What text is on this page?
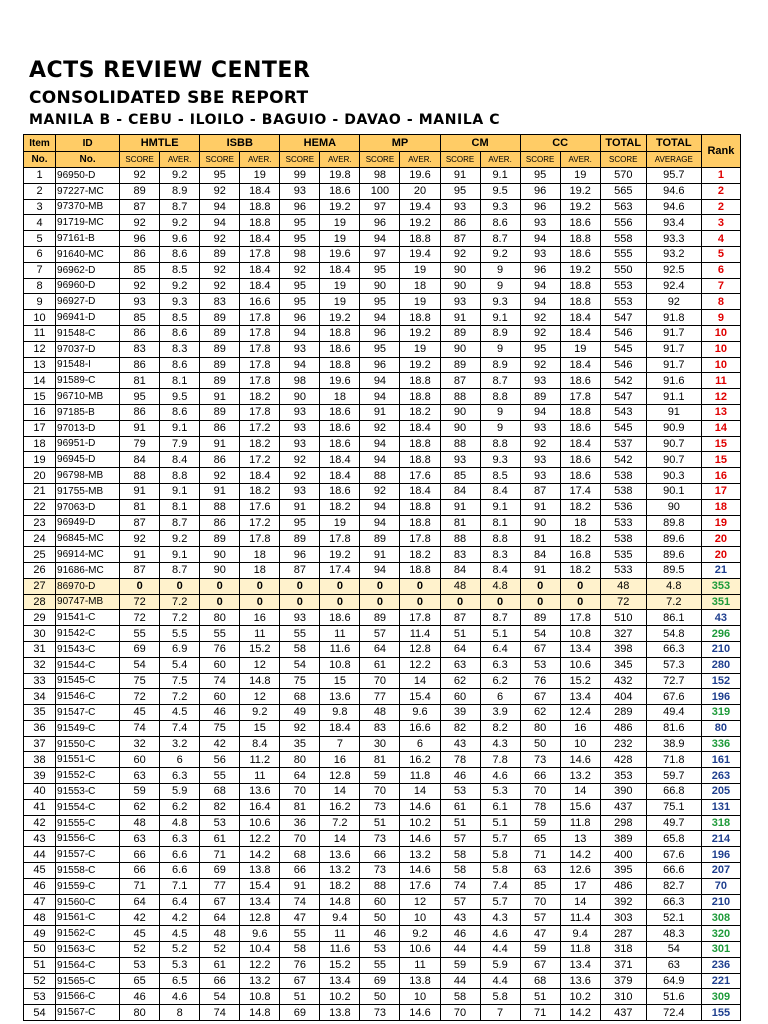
ACTS REVIEW CENTER
CONSOLIDATED SBE REPORT
MANILA B - CEBU - ILOILO - BAGUIO - DAVAO - MANILA C
Item	ID	HMTLE		ISBB		HEMA		MP		CM		CC		TOTAL	TOTAL	Rank
No.	No.	SCORE	AVER.	SCORE	AVER.	SCORE	AVER.	SCORE	AVER.	SCORE	AVER.	SCORE	AVER.	SCORE	AVERAGE	
1	96950-D	92	9.2	95	19	99	19.8	98	19.6	91	9.1	95	19	570	95.7	1
2	97227-MC	89	8.9	92	18.4	93	18.6	100	20	95	9.5	96	19.2	565	94.6	2
3	97370-MB	87	8.7	94	18.8	96	19.2	97	19.4	93	9.3	96	19.2	563	94.6	2
4	91719-MC	92	9.2	94	18.8	95	19	96	19.2	86	8.6	93	18.6	556	93.4	3
5	97161-B	96	9.6	92	18.4	95	19	94	18.8	87	8.7	94	18.8	558	93.3	4
6	91640-MC	86	8.6	89	17.8	98	19.6	97	19.4	92	9.2	93	18.6	555	93.2	5
7	96962-D	85	8.5	92	18.4	92	18.4	95	19	90	9	96	19.2	550	92.5	6
8	96960-D	92	9.2	92	18.4	95	19	90	18	90	9	94	18.8	553	92.4	7
9	96927-D	93	9.3	83	16.6	95	19	95	19	93	9.3	94	18.8	553	92	8
10	96941-D	85	8.5	89	17.8	96	19.2	94	18.8	91	9.1	92	18.4	547	91.8	9
11	91548-C	86	8.6	89	17.8	94	18.8	96	19.2	89	8.9	92	18.4	546	91.7	10
12	97037-D	83	8.3	89	17.8	93	18.6	95	19	90	9	95	19	545	91.7	10
13	91548-I	86	8.6	89	17.8	94	18.8	96	19.2	89	8.9	92	18.4	546	91.7	10
14	91589-C	81	8.1	89	17.8	98	19.6	94	18.8	87	8.7	93	18.6	542	91.6	11
15	96710-MB	95	9.5	91	18.2	90	18	94	18.8	88	8.8	89	17.8	547	91.1	12
16	97185-B	86	8.6	89	17.8	93	18.6	91	18.2	90	9	94	18.8	543	91	13
17	97013-D	91	9.1	86	17.2	93	18.6	92	18.4	90	9	93	18.6	545	90.9	14
18	96951-D	79	7.9	91	18.2	93	18.6	94	18.8	88	8.8	92	18.4	537	90.7	15
19	96945-D	84	8.4	86	17.2	92	18.4	94	18.8	93	9.3	93	18.6	542	90.7	15
20	96798-MB	88	8.8	92	18.4	92	18.4	88	17.6	85	8.5	93	18.6	538	90.3	16
21	91755-MB	91	9.1	91	18.2	93	18.6	92	18.4	84	8.4	87	17.4	538	90.1	17
22	97063-D	81	8.1	88	17.6	91	18.2	94	18.8	91	9.1	91	18.2	536	90	18
23	96949-D	87	8.7	86	17.2	95	19	94	18.8	81	8.1	90	18	533	89.8	19
24	96845-MC	92	9.2	89	17.8	89	17.8	89	17.8	88	8.8	91	18.2	538	89.6	20
25	96914-MC	91	9.1	90	18	96	19.2	91	18.2	83	8.3	84	16.8	535	89.6	20
26	91686-MC	87	8.7	90	18	87	17.4	94	18.8	84	8.4	91	18.2	533	89.5	21
27	86970-D	0	0	0	0	0	0	0	0	48	4.8	0	0	48	4.8	353
28	90747-MB	72	7.2	0	0	0	0	0	0	0	0	0	0	72	7.2	351
29	91541-C	72	7.2	80	16	93	18.6	89	17.8	87	8.7	89	17.8	510	86.1	43
30	91542-C	55	5.5	55	11	55	11	57	11.4	51	5.1	54	10.8	327	54.8	296
31	91543-C	69	6.9	76	15.2	58	11.6	64	12.8	64	6.4	67	13.4	398	66.3	210
32	91544-C	54	5.4	60	12	54	10.8	61	12.2	63	6.3	53	10.6	345	57.3	280
33	91545-C	75	7.5	74	14.8	75	15	70	14	62	6.2	76	15.2	432	72.7	152
34	91546-C	72	7.2	60	12	68	13.6	77	15.4	60	6	67	13.4	404	67.6	196
35	91547-C	45	4.5	46	9.2	49	9.8	48	9.6	39	3.9	62	12.4	289	49.4	319
36	91549-C	74	7.4	75	15	92	18.4	83	16.6	82	8.2	80	16	486	81.6	80
37	91550-C	32	3.2	42	8.4	35	7	30	6	43	4.3	50	10	232	38.9	336
38	91551-C	60	6	56	11.2	80	16	81	16.2	78	7.8	73	14.6	428	71.8	161
39	91552-C	63	6.3	55	11	64	12.8	59	11.8	46	4.6	66	13.2	353	59.7	263
40	91553-C	59	5.9	68	13.6	70	14	70	14	53	5.3	70	14	390	66.8	205
41	91554-C	62	6.2	82	16.4	81	16.2	73	14.6	61	6.1	78	15.6	437	75.1	131
42	91555-C	48	4.8	53	10.6	36	7.2	51	10.2	51	5.1	59	11.8	298	49.7	318
43	91556-C	63	6.3	61	12.2	70	14	73	14.6	57	5.7	65	13	389	65.8	214
44	91557-C	66	6.6	71	14.2	68	13.6	66	13.2	58	5.8	71	14.2	400	67.6	196
45	91558-C	66	6.6	69	13.8	66	13.2	73	14.6	58	5.8	63	12.6	395	66.6	207
46	91559-C	71	7.1	77	15.4	91	18.2	88	17.6	74	7.4	85	17	486	82.7	70
47	91560-C	64	6.4	67	13.4	74	14.8	60	12	57	5.7	70	14	392	66.3	210
48	91561-C	42	4.2	64	12.8	47	9.4	50	10	43	4.3	57	11.4	303	52.1	308
49	91562-C	45	4.5	48	9.6	55	11	46	9.2	46	4.6	47	9.4	287	48.3	320
50	91563-C	52	5.2	52	10.4	58	11.6	53	10.6	44	4.4	59	11.8	318	54	301
51	91564-C	53	5.3	61	12.2	76	15.2	55	11	59	5.9	67	13.4	371	63	236
52	91565-C	65	6.5	66	13.2	67	13.4	69	13.8	44	4.4	68	13.6	379	64.9	221
53	91566-C	46	4.6	54	10.8	51	10.2	50	10	58	5.8	51	10.2	310	51.6	309
54	91567-C	80	8	74	14.8	69	13.8	73	14.6	70	7	71	14.2	437	72.4	155
